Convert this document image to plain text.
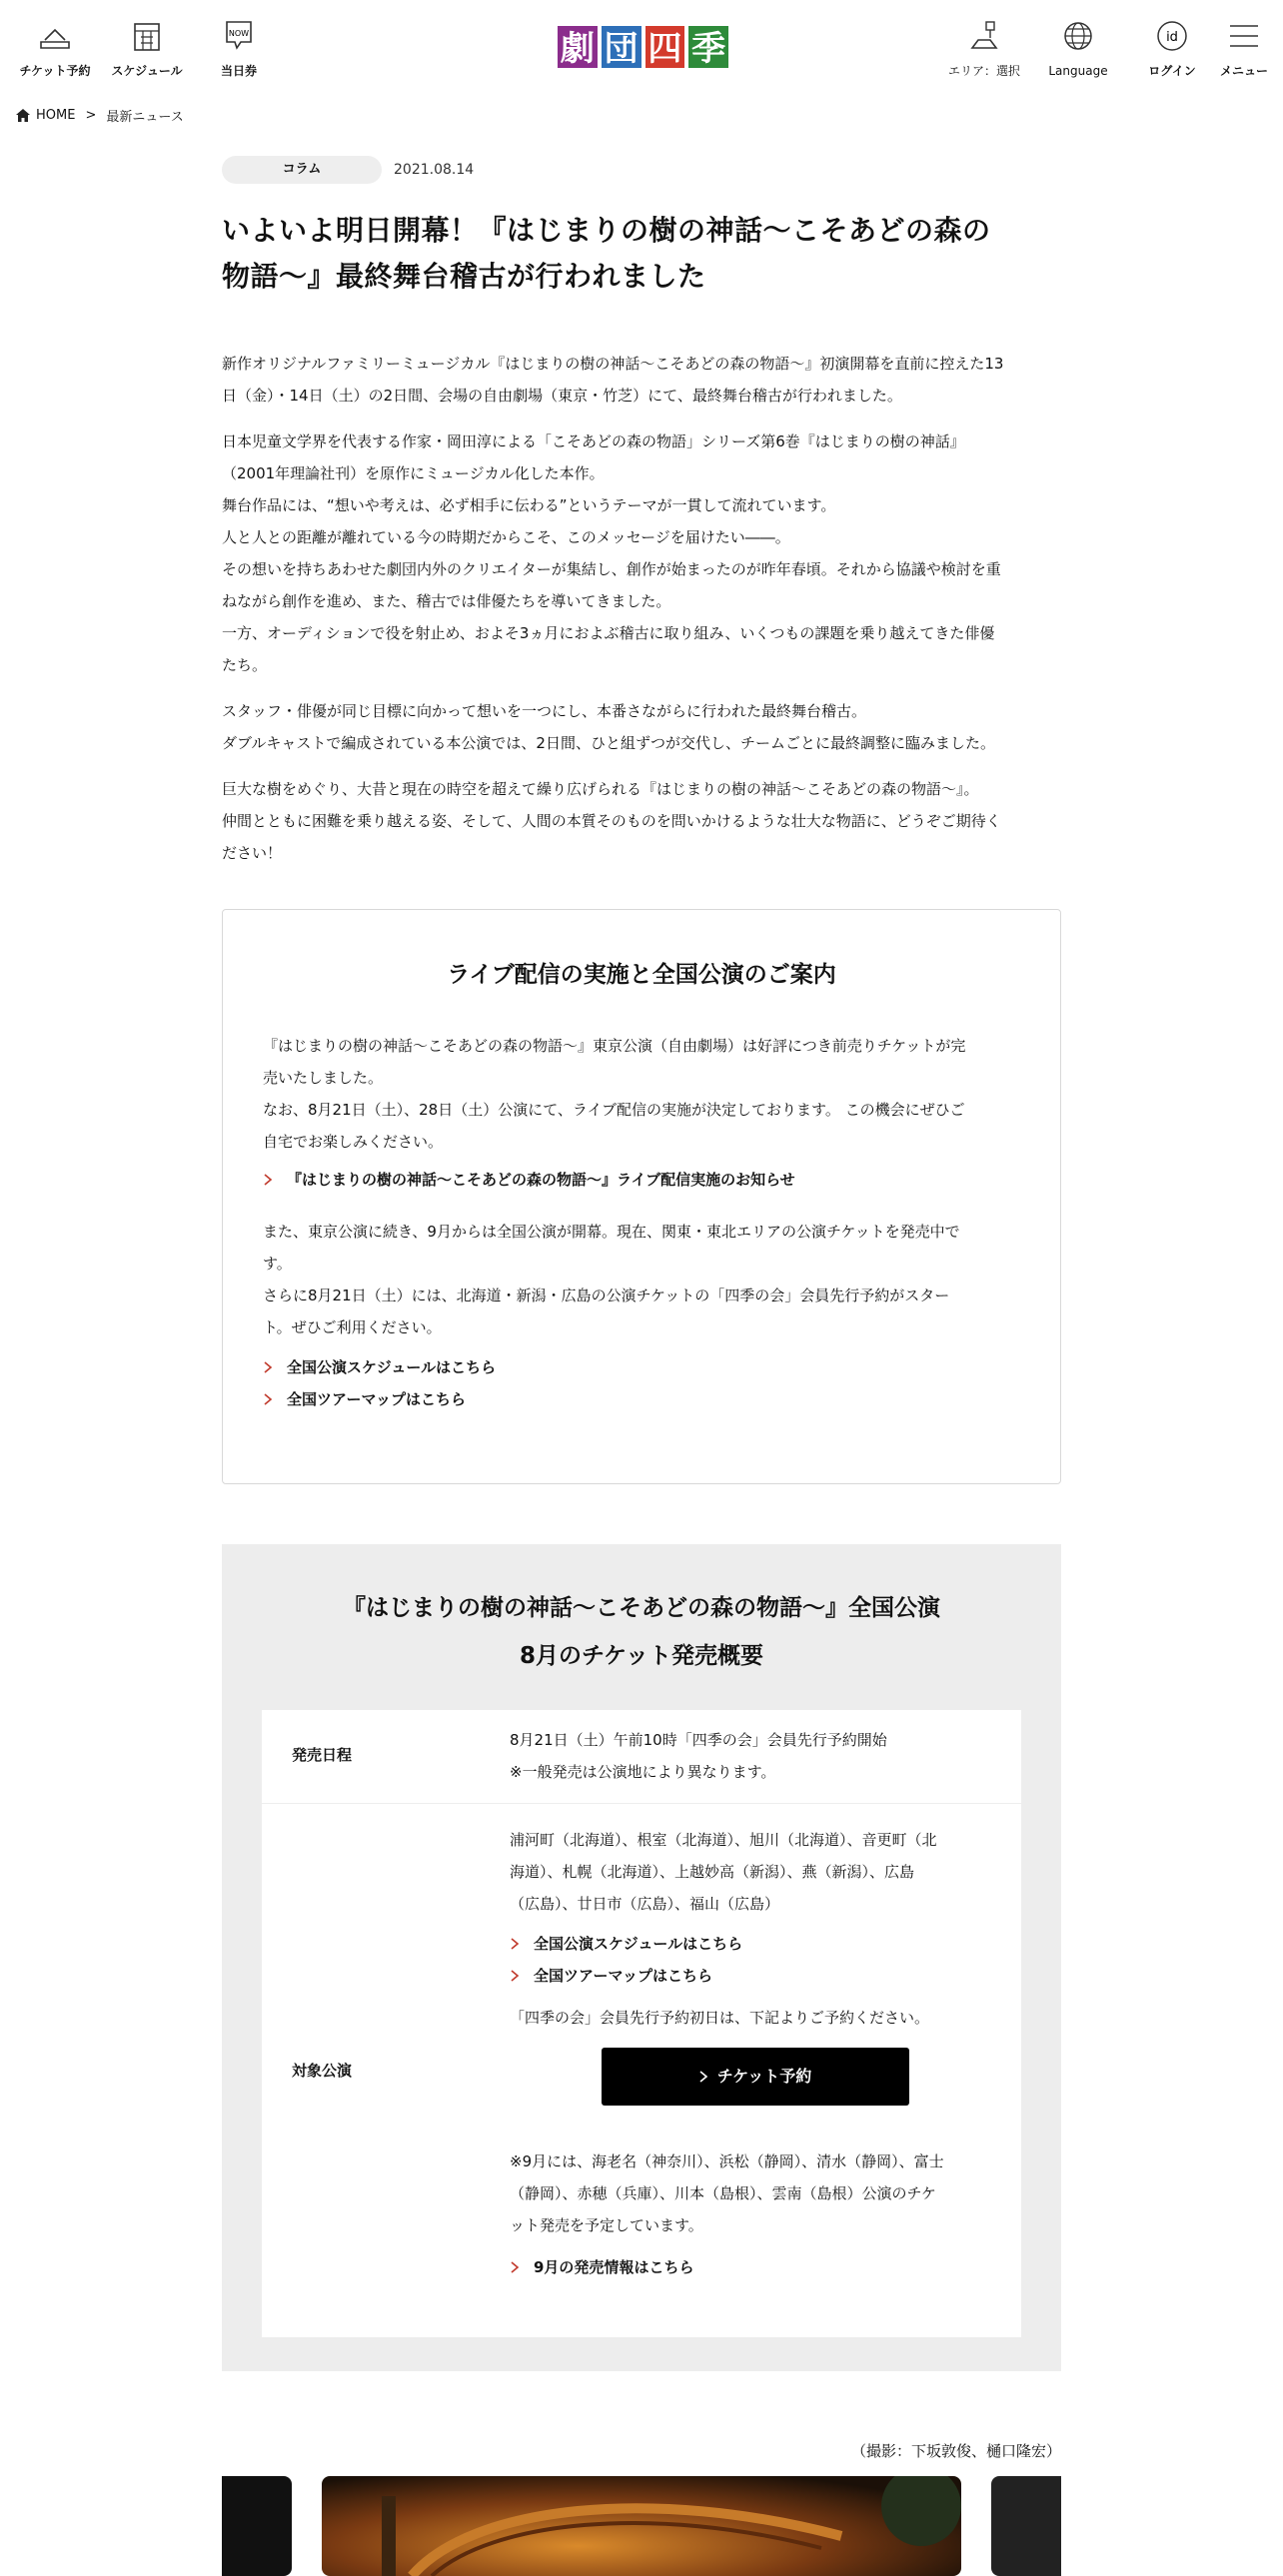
チケット予約	スケジュール
NOW
当日券
劇 団 四 季
エリア：選択	Language
id
ログイン	メニュー
HOME > 最新ニュース
コラム	2021.08.14
いよいよ明日開幕！『はじまりの樹の神話～こそあどの森の
物語～』最終舞台稽古が行われました

新作オリジナルファミリーミュージカル『はじまりの樹の神話～こそあどの森の物語～』初演開幕を直前に控えた13
日（金）・14日（土）の2日間、会場の自由劇場（東京・竹芝）にて、最終舞台稽古が行われました。

日本児童文学界を代表する作家・岡田淳による「こそあどの森の物語」シリーズ第6巻『はじまりの樹の神話』
（2001年理論社刊）を原作にミュージカル化した本作。
舞台作品には、“想いや考えは、必ず相手に伝わる”というテーマが一貫して流れています。
人と人との距離が離れている今の時期だからこそ、このメッセージを届けたい――。
その想いを持ちあわせた劇団内外のクリエイターが集結し、創作が始まったのが昨年春頃。それから協議や検討を重
ねながら創作を進め、また、稽古では俳優たちを導いてきました。
一方、オーディションで役を射止め、およそ3ヵ月におよぶ稽古に取り組み、いくつもの課題を乗り越えてきた俳優
たち。

スタッフ・俳優が同じ目標に向かって想いを一つにし、本番さながらに行われた最終舞台稽古。
ダブルキャストで編成されている本公演では、2日間、ひと組ずつが交代し、チームごとに最終調整に臨みました。

巨大な樹をめぐり、大昔と現在の時空を超えて繰り広げられる『はじまりの樹の神話～こそあどの森の物語～』。
仲間とともに困難を乗り越える姿、そして、人間の本質そのものを問いかけるような壮大な物語に、どうぞご期待く
ださい！

ライブ配信の実施と全国公演のご案内
『はじまりの樹の神話～こそあどの森の物語～』東京公演（自由劇場）は好評につき前売りチケットが完
売いたしました。
なお、8月21日（土）、28日（土）公演にて、ライブ配信の実施が決定しております。 この機会にぜひご
自宅でお楽しみください。
『はじまりの樹の神話～こそあどの森の物語～』ライブ配信実施のお知らせ
また、東京公演に続き、9月からは全国公演が開幕。現在、関東・東北エリアの公演チケットを発売中で
す。
さらに8月21日（土）には、北海道・新潟・広島の公演チケットの「四季の会」会員先行予約がスター
ト。ぜひご利用ください。
全国公演スケジュールはこちら
全国ツアーマップはこちら
『はじまりの樹の神話～こそあどの森の物語～』全国公演
8月のチケット発売概要
発売日程
8月21日（土）午前10時「四季の会」会員先行予約開始
※一般発売は公演地により異なります。
対象公演
浦河町（北海道）、根室（北海道）、旭川（北海道）、音更町（北
海道）、札幌（北海道）、上越妙高（新潟）、燕（新潟）、広島
（広島）、廿日市（広島）、福山（広島）
全国公演スケジュールはこちら
全国ツアーマップはこちら
「四季の会」会員先行予約初日は、下記よりご予約ください。
チケット予約
※9月には、海老名（神奈川）、浜松（静岡）、清水（静岡）、富士
（静岡）、赤穂（兵庫）、川本（島根）、雲南（島根）公演のチケ
ット発売を予定しています。
9月の発売情報はこちら
（撮影：下坂敦俊、樋口隆宏）
